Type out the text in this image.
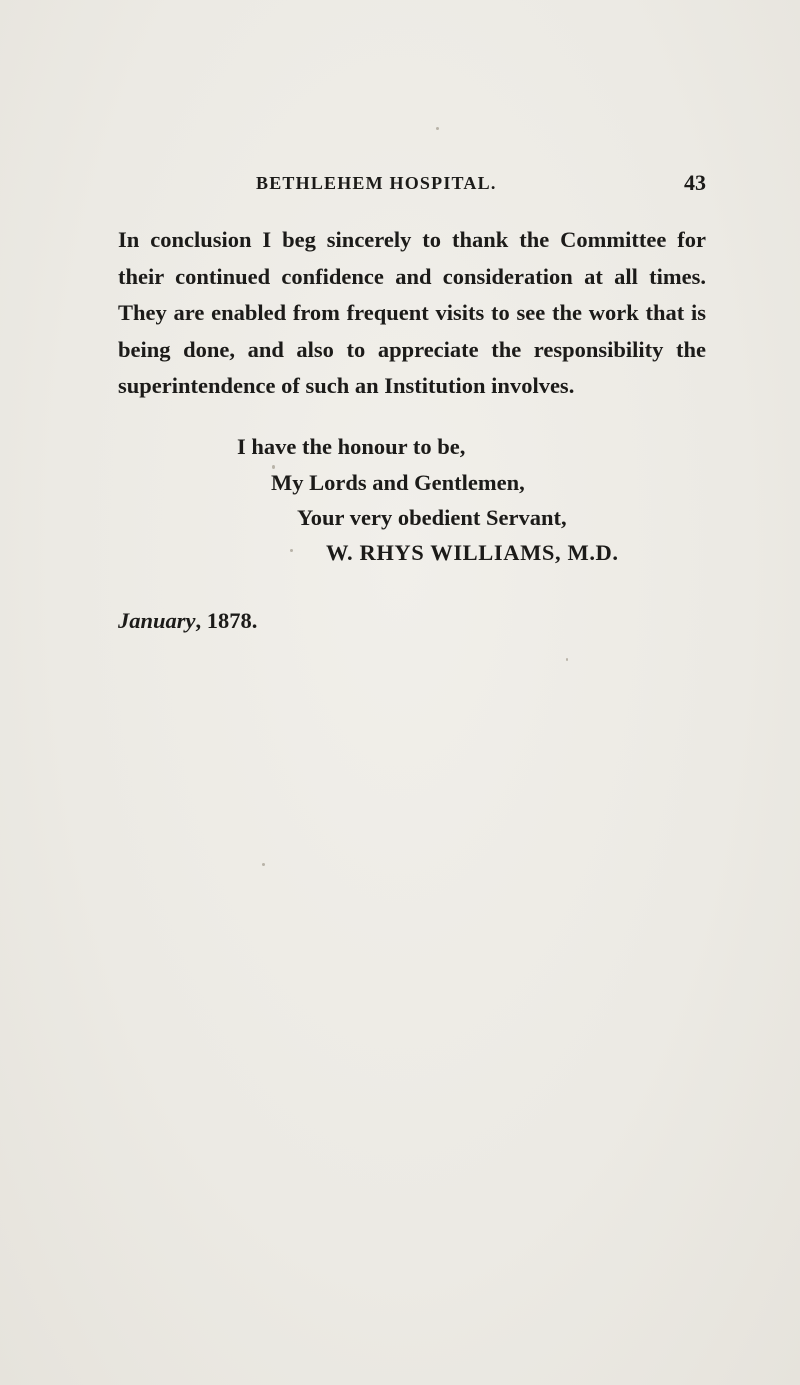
BETHLEHEM HOSPITAL.	43

In conclusion I beg sincerely to thank the Committee for their continued confidence and consideration at all times. They are enabled from frequent visits to see the work that is being done, and also to appreciate the responsibility the superintendence of such an Institution involves.

I have the honour to be,
My Lords and Gentlemen,
Your very obedient Servant,
W. RHYS WILLIAMS, M.D.
January, 1878.
